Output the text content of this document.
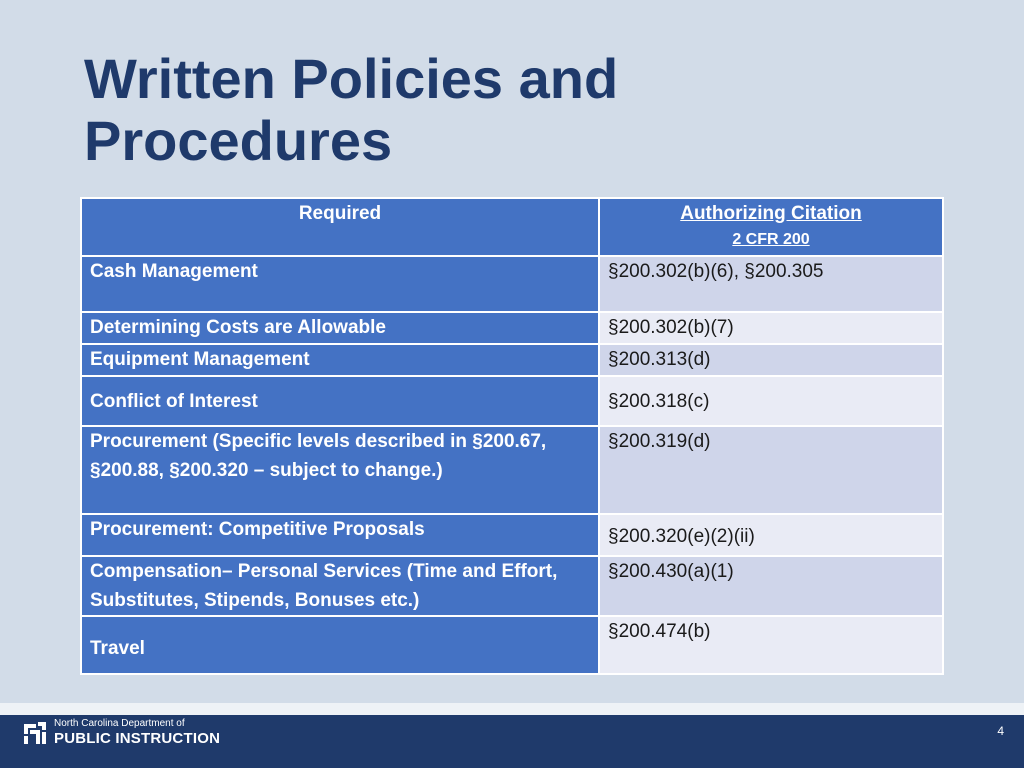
Written Policies and Procedures
Required	Authorizing Citation
2 CFR 200

Cash Management	§200.302(b)(6), §200.305
Determining Costs are Allowable	§200.302(b)(7)
Equipment Management	§200.313(d)
Conflict of Interest	§200.318(c)
Procurement (Specific levels described in §200.67, §200.88, §200.320 – subject to change.)	§200.319(d)
Procurement: Competitive Proposals	§200.320(e)(2)(ii)
Compensation– Personal Services (Time and Effort, Substitutes, Stipends, Bonuses etc.)	§200.430(a)(1)
Travel	§200.474(b)
North Carolina Department of
PUBLIC INSTRUCTION	4
